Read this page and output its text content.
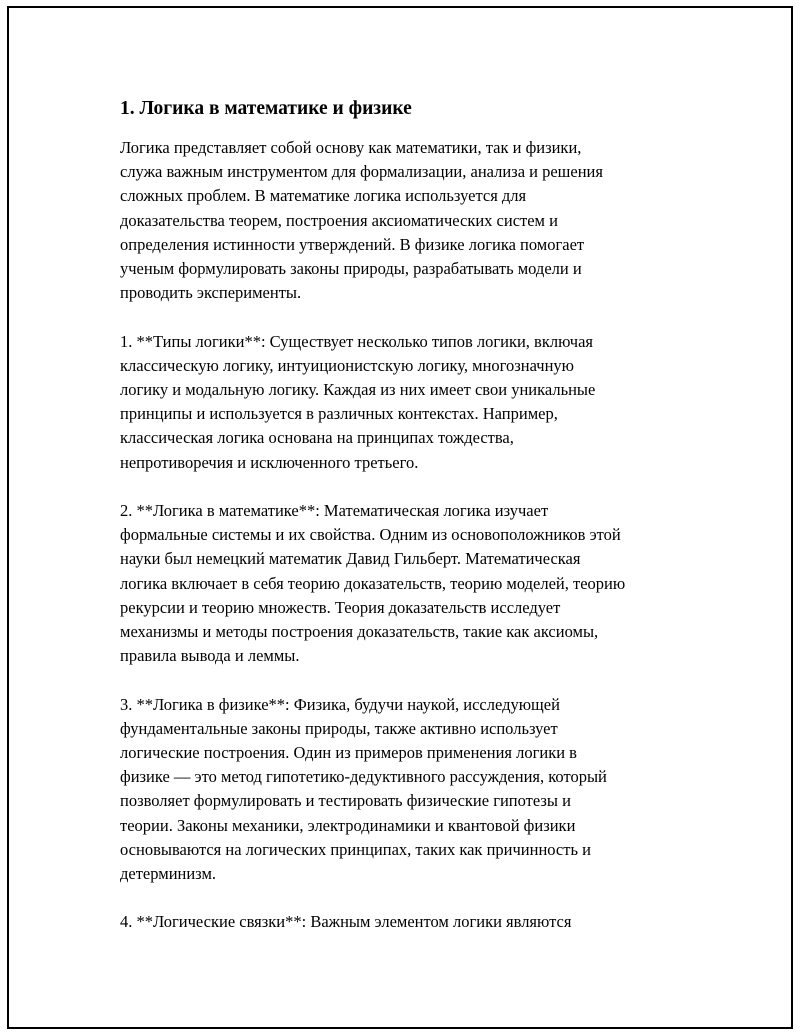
1. Логика в математике и физике

Логика представляет собой основу как математики, так и физики,
служа важным инструментом для формализации, анализа и решения
сложных проблем. В математике логика используется для
доказательства теорем, построения аксиоматических систем и
определения истинности утверждений. В физике логика помогает
ученым формулировать законы природы, разрабатывать модели и
проводить эксперименты.

1. **Типы логики**: Существует несколько типов логики, включая
классическую логику, интуиционистскую логику, многозначную
логику и модальную логику. Каждая из них имеет свои уникальные
принципы и используется в различных контекстах. Например,
классическая логика основана на принципах тождества,
непротиворечия и исключенного третьего.

2. **Логика в математике**: Математическая логика изучает
формальные системы и их свойства. Одним из основоположников этой
науки был немецкий математик Давид Гильберт. Математическая
логика включает в себя теорию доказательств, теорию моделей, теорию
рекурсии и теорию множеств. Теория доказательств исследует
механизмы и методы построения доказательств, такие как аксиомы,
правила вывода и леммы.

3. **Логика в физике**: Физика, будучи наукой, исследующей
фундаментальные законы природы, также активно использует
логические построения. Один из примеров применения логики в
физике — это метод гипотетико-дедуктивного рассуждения, который
позволяет формулировать и тестировать физические гипотезы и
теории. Законы механики, электродинамики и квантовой физики
основываются на логических принципах, таких как причинность и
детерминизм.

4. **Логические связки**: Важным элементом логики являются
